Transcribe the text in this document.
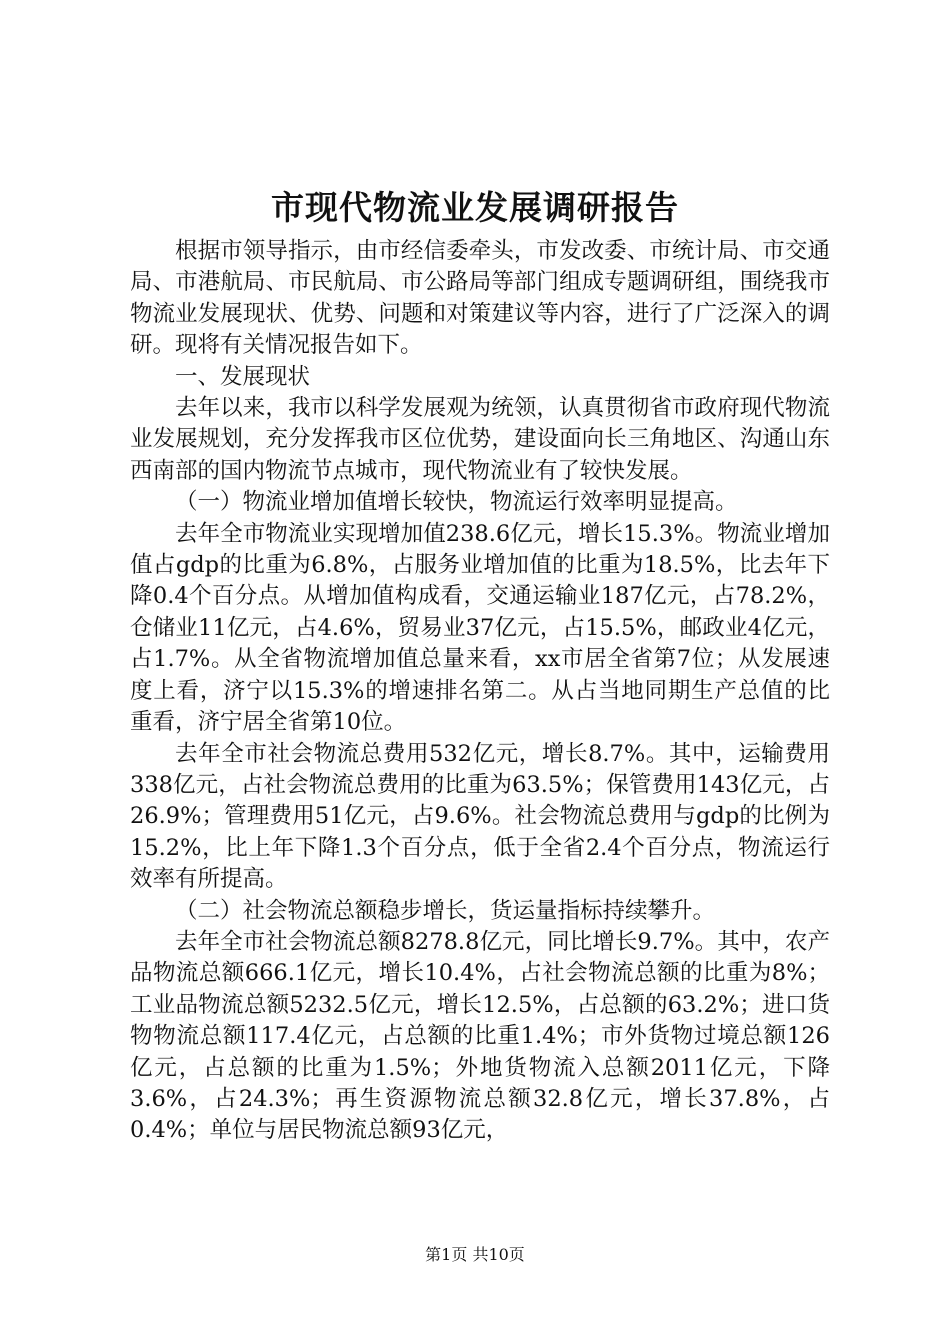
市现代物流业发展调研报告

根据市领导指示，由市经信委牵头，市发改委、市统计局、市交通局、市港航局、市民航局、市公路局等部门组成专题调研组，围绕我市物流业发展现状、优势、问题和对策建议等内容，进行了广泛深入的调研。现将有关情况报告如下。

一、发展现状

去年以来，我市以科学发展观为统领，认真贯彻省市政府现代物流业发展规划，充分发挥我市区位优势，建设面向长三角地区、沟通山东西南部的国内物流节点城市，现代物流业有了较快发展。

（一）物流业增加值增长较快，物流运行效率明显提高。

去年全市物流业实现增加值238.6亿元，增长15.3%。物流业增加值占gdp的比重为6.8%，占服务业增加值的比重为18.5%，比去年下降0.4个百分点。从增加值构成看，交通运输业187亿元，占78.2%，仓储业11亿元，占4.6%，贸易业37亿元，占15.5%，邮政业4亿元，占1.7%。从全省物流增加值总量来看，xx市居全省第7位；从发展速度上看，济宁以15.3%的增速排名第二。从占当地同期生产总值的比重看，济宁居全省第10位。

去年全市社会物流总费用532亿元，增长8.7%。其中，运输费用338亿元，占社会物流总费用的比重为63.5%；保管费用143亿元，占26.9%；管理费用51亿元，占9.6%。社会物流总费用与gdp的比例为15.2%，比上年下降1.3个百分点，低于全省2.4个百分点，物流运行效率有所提高。

（二）社会物流总额稳步增长，货运量指标持续攀升。

去年全市社会物流总额8278.8亿元，同比增长9.7%。其中，农产品物流总额666.1亿元，增长10.4%，占社会物流总额的比重为8%；工业品物流总额5232.5亿元，增长12.5%，占总额的63.2%；进口货物物流总额117.4亿元，占总额的比重1.4%；市外货物过境总额126亿元，占总额的比重为1.5%；外地货物流入总额2011亿元，下降3.6%，占24.3%；再生资源物流总额32.8亿元，增长37.8%，占0.4%；单位与居民物流总额93亿元，

第1页 共10页
